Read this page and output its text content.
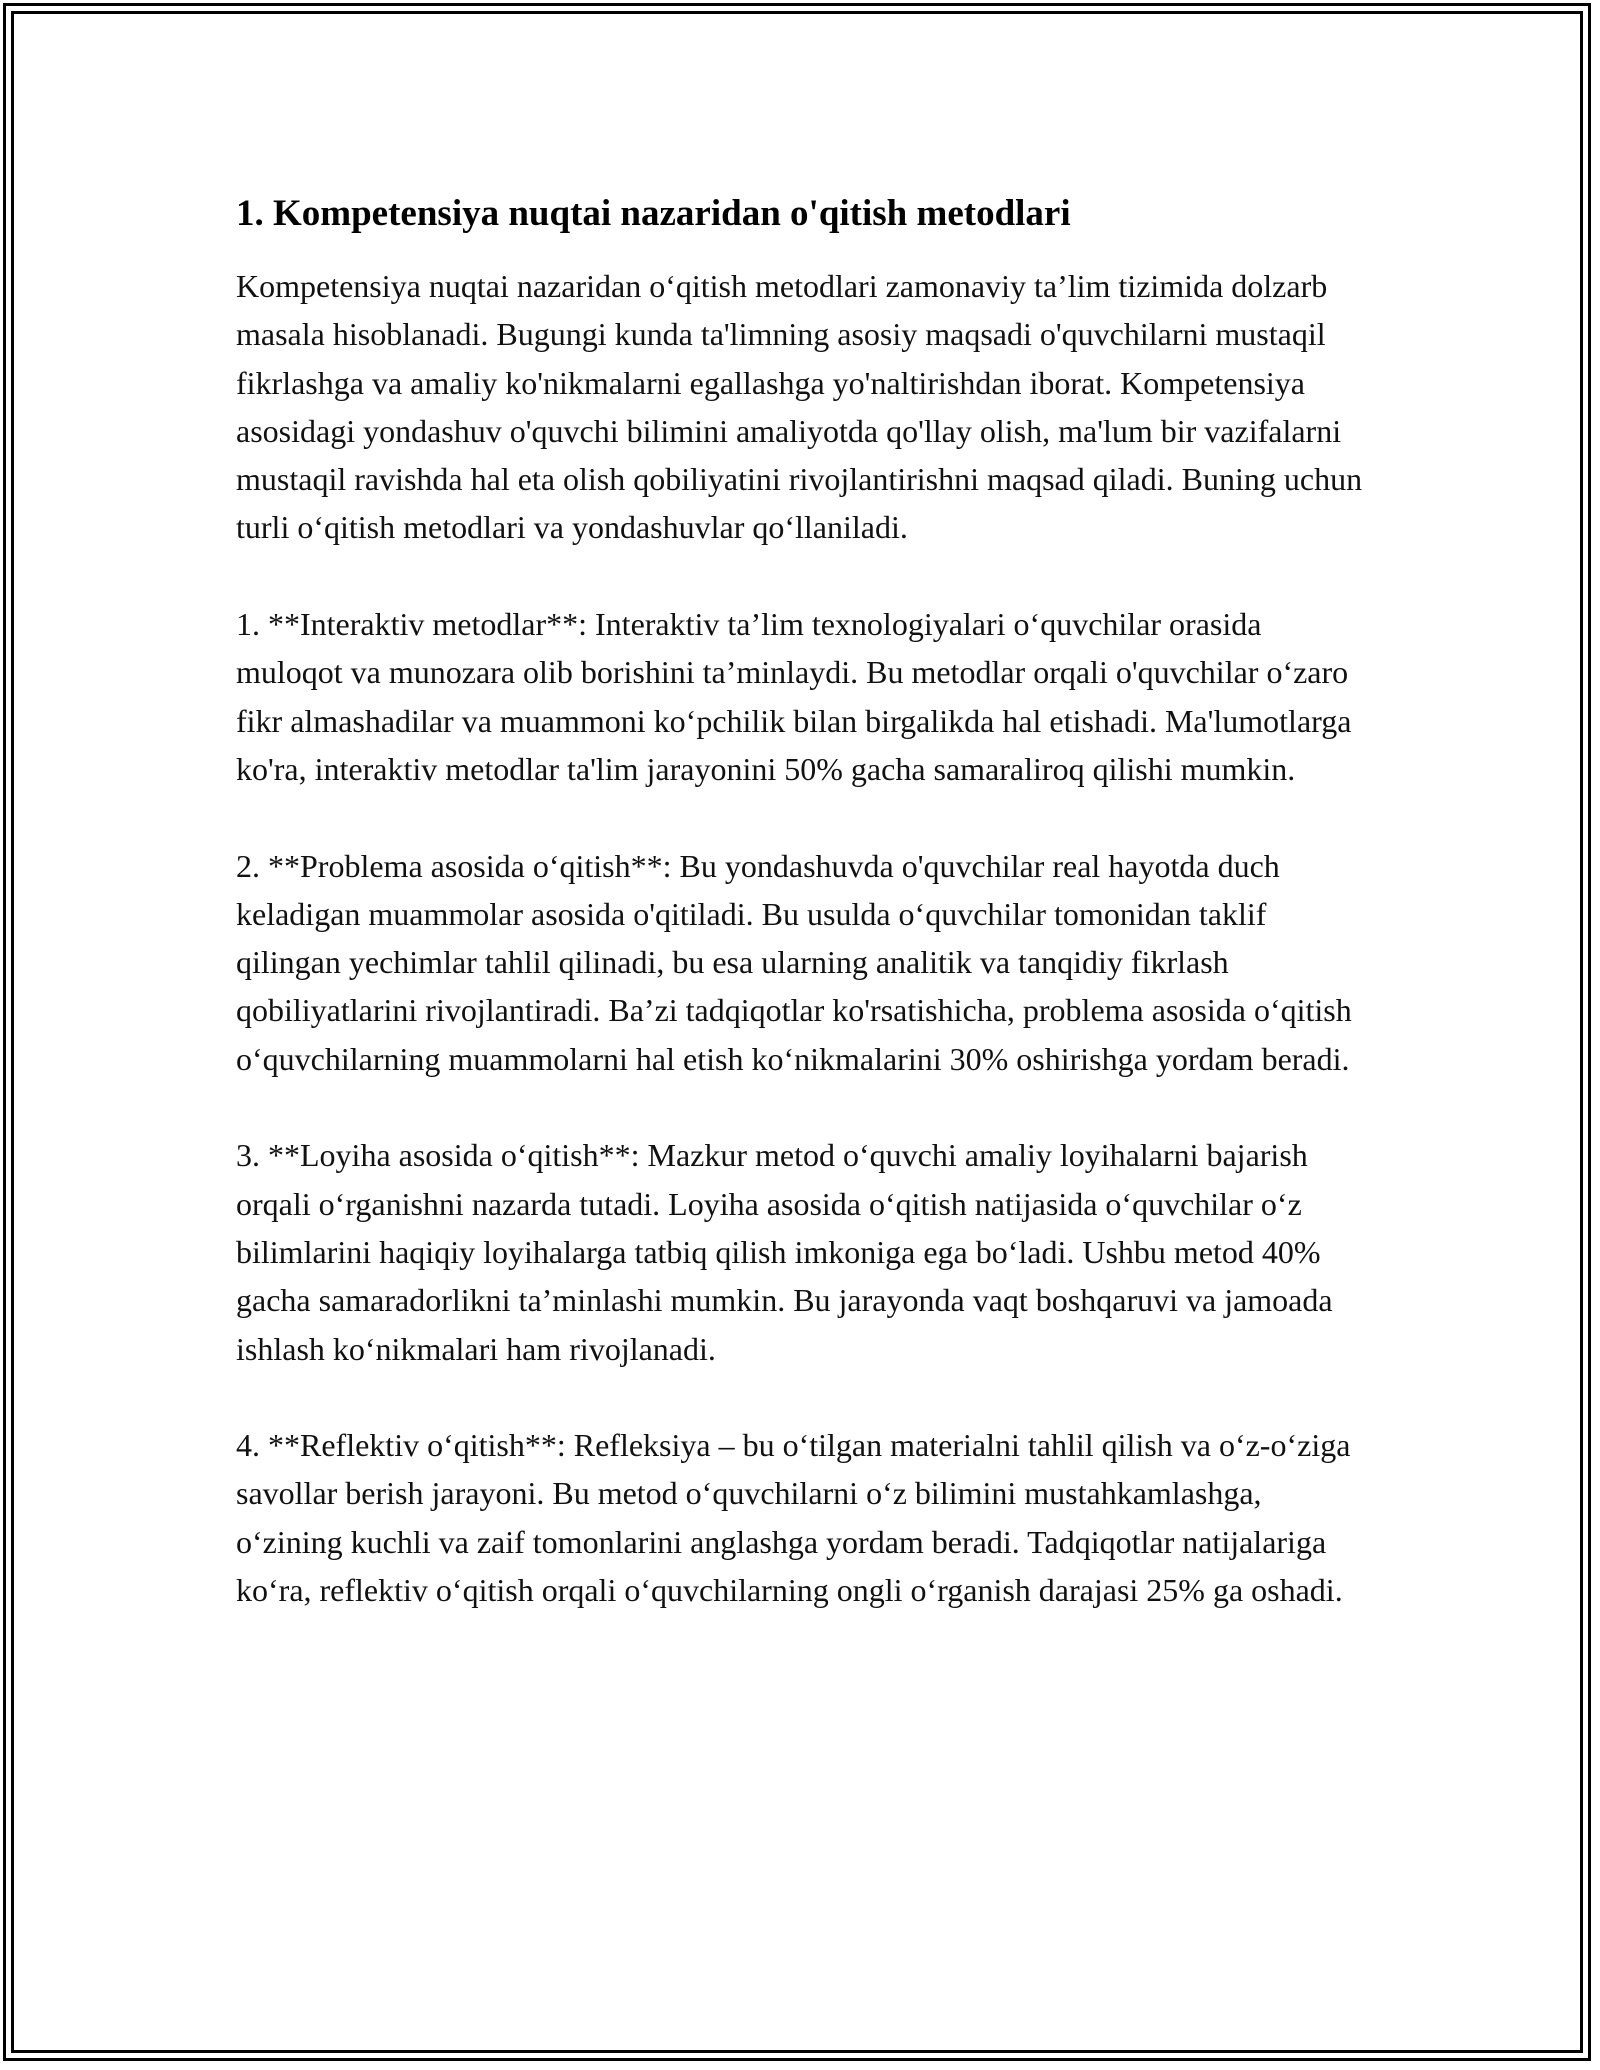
1. Kompetensiya nuqtai nazaridan o'qitish metodlari

Kompetensiya nuqtai nazaridan o‘qitish metodlari zamonaviy ta’lim tizimida dolzarb masala hisoblanadi. Bugungi kunda ta'limning asosiy maqsadi o'quvchilarni mustaqil fikrlashga va amaliy ko'nikmalarni egallashga yo'naltirishdan iborat. Kompetensiya asosidagi yondashuv o'quvchi bilimini amaliyotda qo'llay olish, ma'lum bir vazifalarni mustaqil ravishda hal eta olish qobiliyatini rivojlantirishni maqsad qiladi. Buning uchun turli o‘qitish metodlari va yondashuvlar qo‘llaniladi.

1. **Interaktiv metodlar**: Interaktiv ta’lim texnologiyalari o‘quvchilar orasida muloqot va munozara olib borishini ta’minlaydi. Bu metodlar orqali o'quvchilar o‘zaro fikr almashadilar va muammoni ko‘pchilik bilan birgalikda hal etishadi. Ma'lumotlarga ko'ra, interaktiv metodlar ta'lim jarayonini 50% gacha samaraliroq qilishi mumkin.

2. **Problema asosida o‘qitish**: Bu yondashuvda o'quvchilar real hayotda duch keladigan muammolar asosida o'qitiladi. Bu usulda o‘quvchilar tomonidan taklif qilingan yechimlar tahlil qilinadi, bu esa ularning analitik va tanqidiy fikrlash qobiliyatlarini rivojlantiradi. Ba’zi tadqiqotlar ko'rsatishicha, problema asosida o‘qitish o‘quvchilarning muammolarni hal etish ko‘nikmalarini 30% oshirishga yordam beradi.

3. **Loyiha asosida o‘qitish**: Mazkur metod o‘quvchi amaliy loyihalarni bajarish orqali o‘rganishni nazarda tutadi. Loyiha asosida o‘qitish natijasida o‘quvchilar o‘z bilimlarini haqiqiy loyihalarga tatbiq qilish imkoniga ega bo‘ladi. Ushbu metod 40% gacha samaradorlikni ta’minlashi mumkin. Bu jarayonda vaqt boshqaruvi va jamoada ishlash ko‘nikmalari ham rivojlanadi.

4. **Reflektiv o‘qitish**: Refleksiya – bu o‘tilgan materialni tahlil qilish va o‘z-o‘ziga savollar berish jarayoni. Bu metod o‘quvchilarni o‘z bilimini mustahkamlashga, o‘zining kuchli va zaif tomonlarini anglashga yordam beradi. Tadqiqotlar natijalariga ko‘ra, reflektiv o‘qitish orqali o‘quvchilarning ongli o‘rganish darajasi 25% ga oshadi.
